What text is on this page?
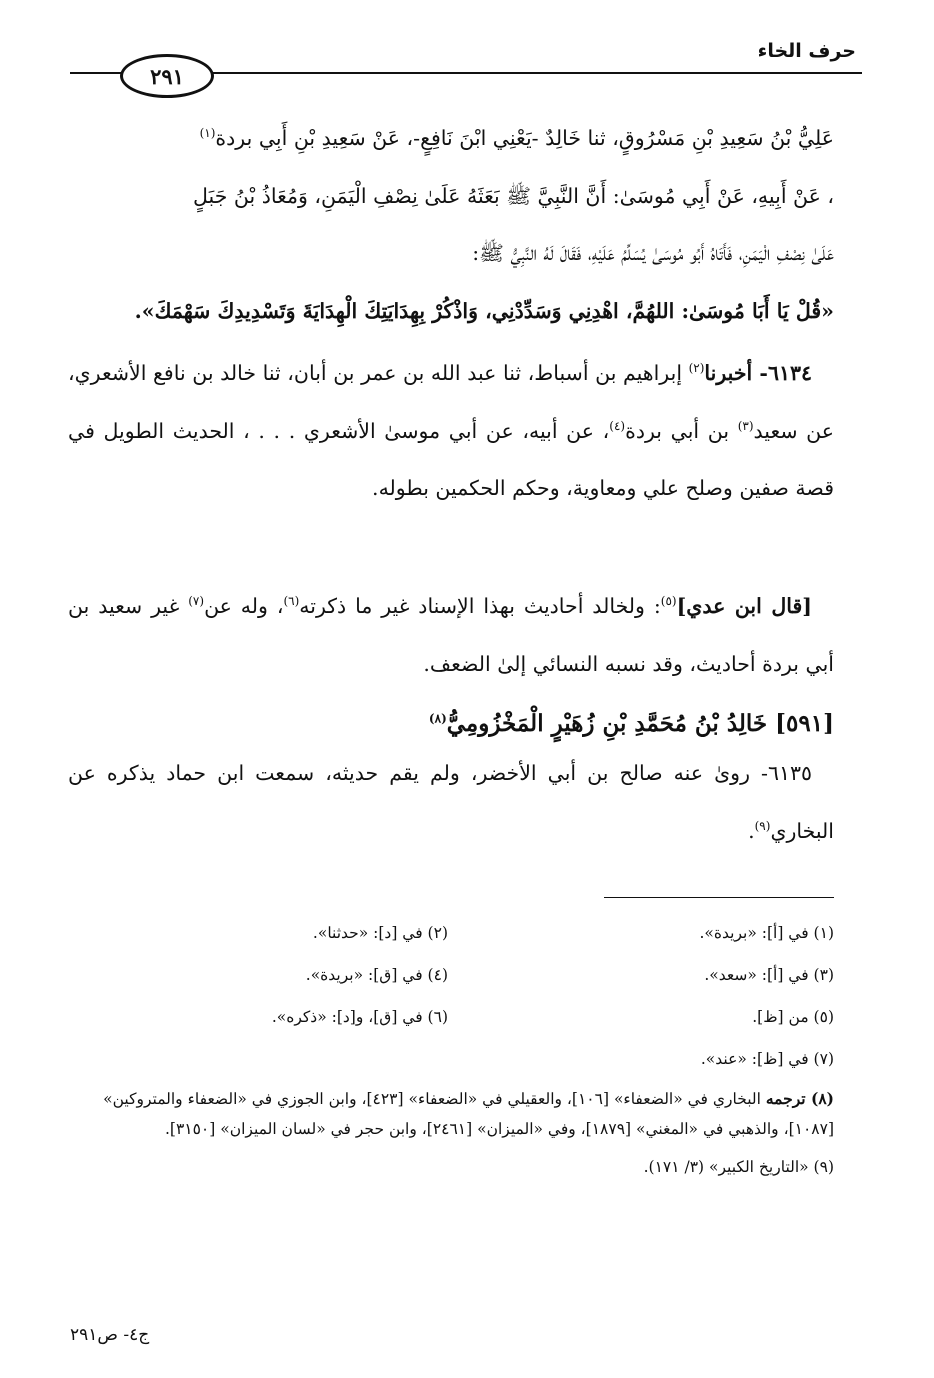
حرف الخاء
٢٩١

عَلِيُّ بْنُ سَعِيدِ بْنِ مَسْرُوقٍ، ثنا خَالِدٌ -يَعْنِي ابْنَ نَافِعٍ-، عَنْ سَعِيدِ بْنِ أَبِي بردة$^{(١)}$

، عَنْ أَبِيهِ، عَنْ أَبِي مُوسَىٰ: أَنَّ النَّبِيَّ ﷺ بَعَثَهُ عَلَىٰ نِصْفِ الْيَمَنِ، وَمُعَاذُ بْنُ جَبَلٍ

عَلَىٰ نِصْفِ الْيَمَنِ، فَأَتَاهُ أَبُو مُوسَىٰ يُسَلِّمُ عَلَيْهِ، فَقَالَ لَهُ النَّبِيُّ ﷺ:

«قُلْ يَا أَبَا مُوسَىٰ: اللهُمَّ، اهْدِنِي وَسَدِّدْنِي، وَاذْكُرْ بِهِدَايَتِكَ الْهِدَايَةَ وَتَسْدِيدِكَ سَهْمَكَ».

٦١٣٤- أخبرنا$^{(٢)}$ إبراهيم بن أسباط، ثنا عبد الله بن عمر بن أبان، ثنا خالد بن نافع الأشعري، عن سعيد$^{(٣)}$ بن أبي بردة$^{(٤)}$، عن أبيه، عن أبي موسىٰ الأشعري . . . ، الحديث الطويل في قصة صفين وصلح علي ومعاوية، وحكم الحكمين بطوله.

[قال ابن عدي]$^{(٥)}$: ولخالد أحاديث بهذا الإسناد غير ما ذكرته$^{(٦)}$، وله عن$^{(٧)}$ غير سعيد بن أبي بردة أحاديث، وقد نسبه النسائي إلىٰ الضعف.

[٥٩١] خَالِدُ بْنُ مُحَمَّدِ بْنِ زُهَيْرٍ الْمَخْزُومِيُّ$^{(٨)}$

٦١٣٥- روىٰ عنه صالح بن أبي الأخضر، ولم يقم حديثه، سمعت ابن حماد يذكره عن البخاري$^{(٩)}$.

(١) في [أ]: «بريدة».
(٢) في [د]: «حدثنا».
(٣) في [أ]: «سعد».
(٤) في [ق]: «بريدة».
(٥) من [ظ].
(٦) في [ق]، و[د]: «ذكره».
(٧) في [ظ]: «عند».
(٨) ترجمه البخاري في «الضعفاء» [١٠٦]، والعقيلي في «الضعفاء» [٤٢٣]، وابن الجوزي في «الضعفاء والمتروكين» [١٠٨٧]، والذهبي في «المغني» [١٨٧٩]، وفي «الميزان» [٢٤٦١]، وابن حجر في «لسان الميزان» [٣١٥٠].
(٩) «التاريخ الكبير» (٣/ ١٧١).
ج٤- ص٢٩١
